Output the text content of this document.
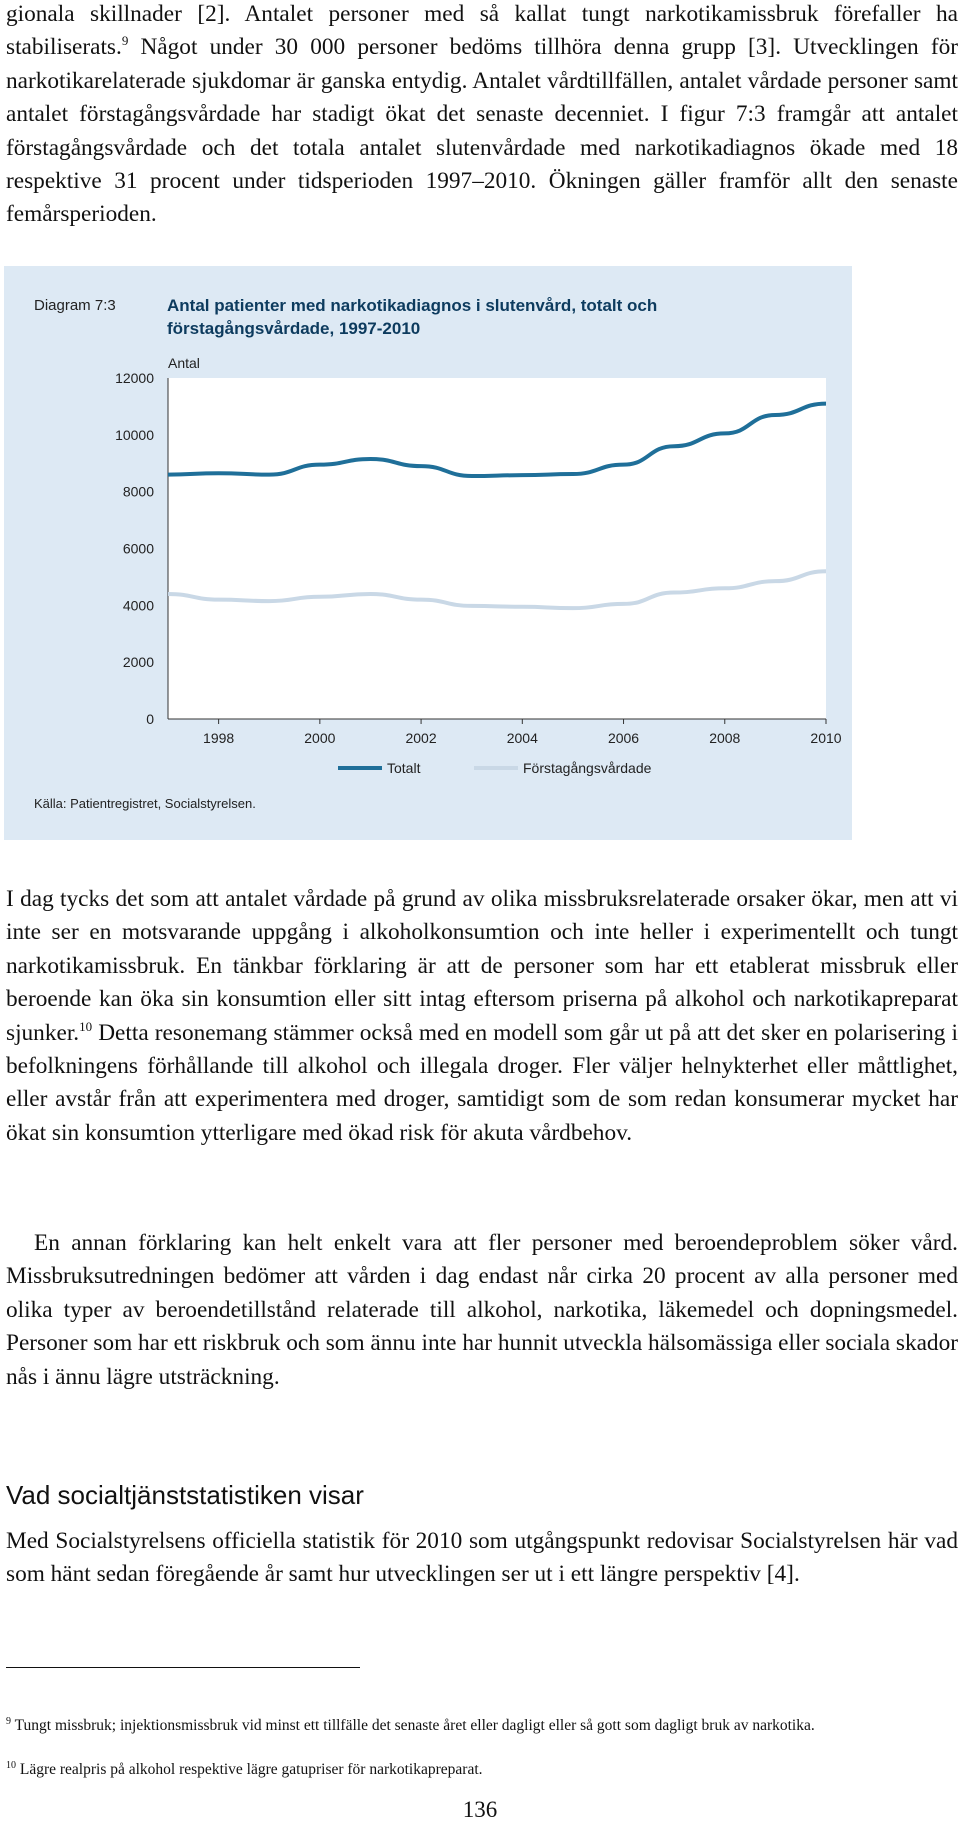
gionala skillnader [2]. Antalet personer med så kallat tungt narkotikamissbruk förefaller ha stabiliserats.$^9$ Något under 30 000 personer bedöms tillhöra denna grupp [3]. Utvecklingen för narkotikarelaterade sjukdomar är ganska entydig. Antalet vårdtillfällen, antalet vårdade personer samt antalet förstagångsvårdade har stadigt ökat det senaste decenniet. I figur 7:3 framgår att antalet förstagångsvårdade och det totala antalet slutenvårdade med narkotikadiagnos ökade med 18 respektive 31 procent under tidsperioden 1997–2010. Ökningen gäller framför allt den senaste femårsperioden.

Diagram 7:3	Antal patienter med narkotikadiagnos i slutenvård, totalt och
förstagångsvårdade, 1997-2010
Antal
0
2000
4000
6000
8000
10000
12000
1998	2000	2002	2004	2006	2008	2010
Totalt	Förstagångsvårdade
Källa: Patientregistret, Socialstyrelsen.

I dag tycks det som att antalet vårdade på grund av olika missbruksrelaterade orsaker ökar, men att vi inte ser en motsvarande uppgång i alkoholkonsumtion och inte heller i experimentellt och tungt narkotikamissbruk. En tänkbar förklaring är att de personer som har ett etablerat missbruk eller beroende kan öka sin konsumtion eller sitt intag eftersom priserna på alkohol och narkotikapreparat sjunker.$^{10}$ Detta resonemang stämmer också med en modell som går ut på att det sker en polarisering i befolkningens förhållande till alkohol och illegala droger. Fler väljer helnykterhet eller måttlighet, eller avstår från att experimentera med droger, samtidigt som de som redan konsumerar mycket har ökat sin konsumtion ytterligare med ökad risk för akuta vårdbehov.

En annan förklaring kan helt enkelt vara att fler personer med beroendeproblem söker vård. Missbruksutredningen bedömer att vården i dag endast når cirka 20 procent av alla personer med olika typer av beroendetillstånd relaterade till alkohol, narkotika, läkemedel och dopningsmedel. Personer som har ett riskbruk och som ännu inte har hunnit utveckla hälsomässiga eller sociala skador nås i ännu lägre utsträckning.

Vad socialtjänststatistiken visar

Med Socialstyrelsens officiella statistik för 2010 som utgångspunkt redovisar Socialstyrelsen här vad som hänt sedan föregående år samt hur utvecklingen ser ut i ett längre perspektiv [4].

$^9$ Tungt missbruk; injektionsmissbruk vid minst ett tillfälle det senaste året eller dagligt eller så gott som dagligt bruk av narkotika.

$^{10}$ Lägre realpris på alkohol respektive lägre gatupriser för narkotikapreparat.

136
